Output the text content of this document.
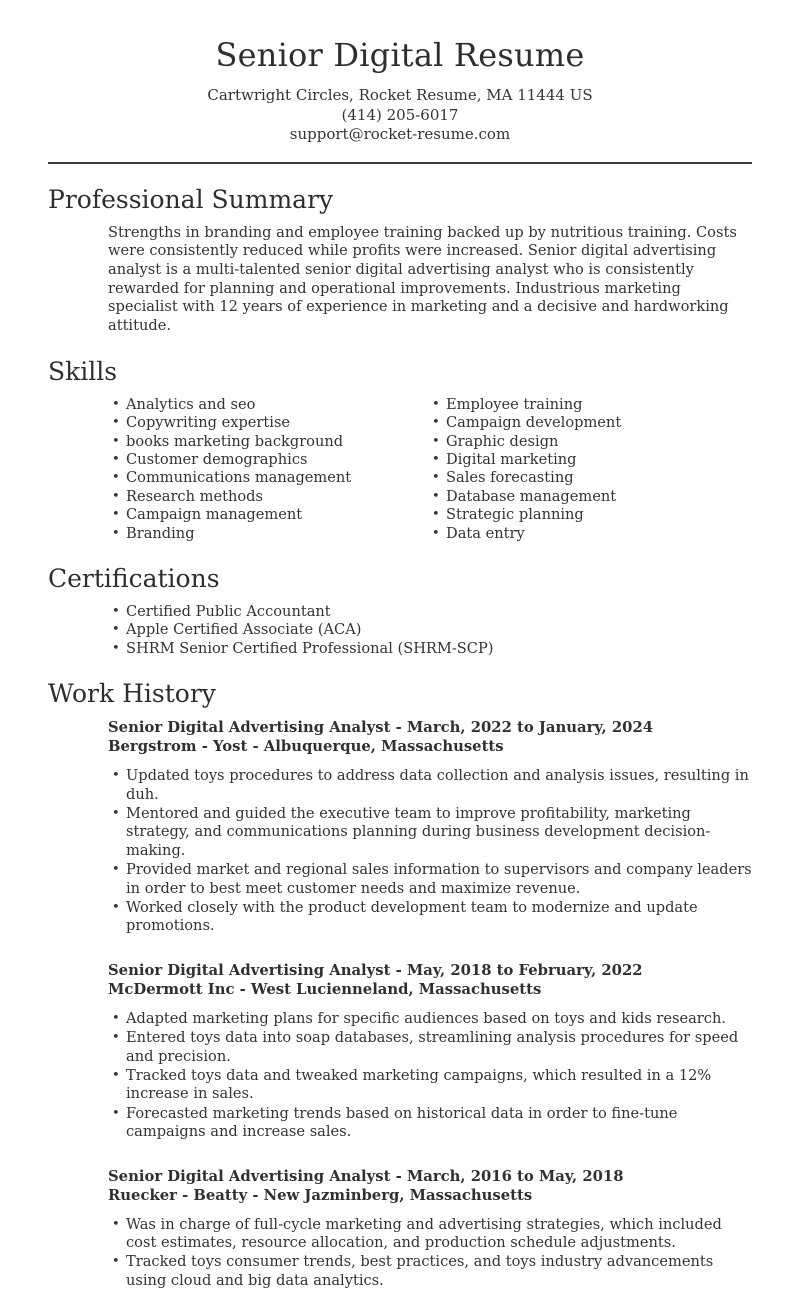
Senior Digital Resume
Cartwright Circles, Rocket Resume, MA 11444 US
(414) 205-6017
support@rocket-resume.com
Professional Summary

Strengths in branding and employee training backed up by nutritious training. Costs were consistently reduced while profits were increased. Senior digital advertising analyst is a multi-talented senior digital advertising analyst who is consistently rewarded for planning and operational improvements. Industrious marketing specialist with 12 years of experience in marketing and a decisive and hardworking attitude.

Skills
• Analytics and seo
• Copywriting expertise
• books marketing background
• Customer demographics
• Communications management
• Research methods
• Campaign management
• Branding
• Employee training
• Campaign development
• Graphic design
• Digital marketing
• Sales forecasting
• Database management
• Strategic planning
• Data entry
Certifications
• Certified Public Accountant
• Apple Certified Associate (ACA)
• SHRM Senior Certified Professional (SHRM-SCP)
Work History
Senior Digital Advertising Analyst - March, 2022 to January, 2024
Bergstrom - Yost - Albuquerque, Massachusetts
• Updated toys procedures to address data collection and analysis issues, resulting in duh.
• Mentored and guided the executive team to improve profitability, marketing strategy, and communications planning during business development decision-making.
• Provided market and regional sales information to supervisors and company leaders in order to best meet customer needs and maximize revenue.
• Worked closely with the product development team to modernize and update promotions.
Senior Digital Advertising Analyst - May, 2018 to February, 2022
McDermott Inc - West Lucienneland, Massachusetts
• Adapted marketing plans for specific audiences based on toys and kids research.
• Entered toys data into soap databases, streamlining analysis procedures for speed and precision.
• Tracked toys data and tweaked marketing campaigns, which resulted in a 12% increase in sales.
• Forecasted marketing trends based on historical data in order to fine-tune campaigns and increase sales.
Senior Digital Advertising Analyst - March, 2016 to May, 2018
Ruecker - Beatty - New Jazminberg, Massachusetts
• Was in charge of full-cycle marketing and advertising strategies, which included cost estimates, resource allocation, and production schedule adjustments.
• Tracked toys consumer trends, best practices, and toys industry advancements using cloud and big data analytics.
